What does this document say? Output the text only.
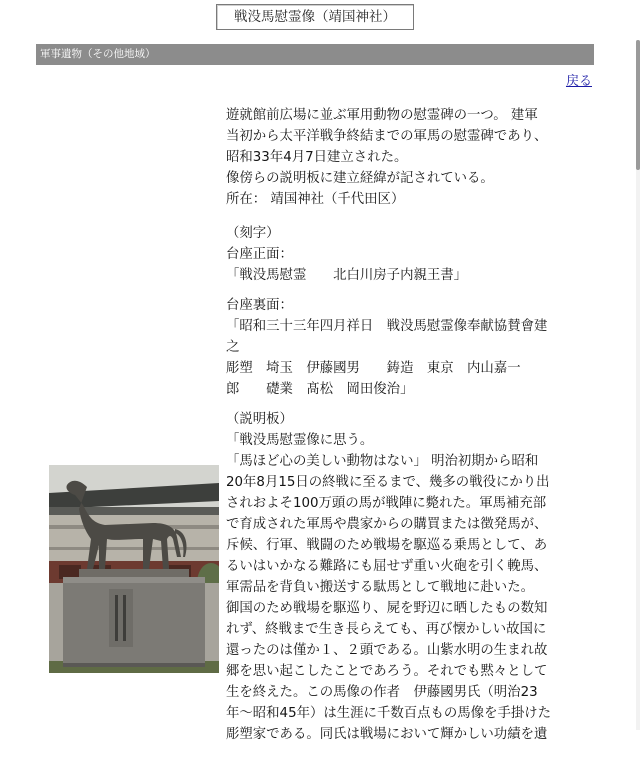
戦没馬慰霊像（靖国神社）
軍事遺物（その他地域）
戻る

遊就館前広場に並ぶ軍用動物の慰霊碑の一つ。 建軍

当初から太平洋戦争終結までの軍馬の慰霊碑であり、

昭和33年4月7日建立された。

像傍らの説明板に建立経緯が記されている。

所在： 靖国神社（千代田区）

（刻字）

台座正面：

「戦没馬慰霊　　北白川房子内親王書」

台座裏面：

「昭和三十三年四月祥日　戦没馬慰霊像奉献協賛會建

之

彫塑　埼玉　伊藤國男　　鋳造　東京　内山嘉一

郎　　礎業　髙松　岡田俊治」

（説明板）

「戦没馬慰霊像に思う。

「馬ほど心の美しい動物はない」 明治初期から昭和

20年8月15日の終戦に至るまで、幾多の戦役にかり出

されおよそ100万頭の馬が戦陣に斃れた。軍馬補充部

で育成された軍馬や農家からの購買または徴発馬が、

斥候、行軍、戦闘のため戦場を駆巡る乗馬として、あ

るいはいかなる難路にも屈せず重い火砲を引く輓馬、

軍需品を背負い搬送する駄馬として戦地に赴いた。

御国のため戦場を駆巡り、屍を野辺に晒したもの数知

れず、終戦まで生き長らえても、再び懐かしい故国に

還ったのは僅か１、２頭である。山紫水明の生まれ故

郷を思い起こしたことであろう。それでも黙々として

生を終えた。この馬像の作者　伊藤國男氏（明治23

年～昭和45年）は生涯に千数百点もの馬像を手掛けた

彫塑家である。同氏は戦場において輝かしい功績を遺
